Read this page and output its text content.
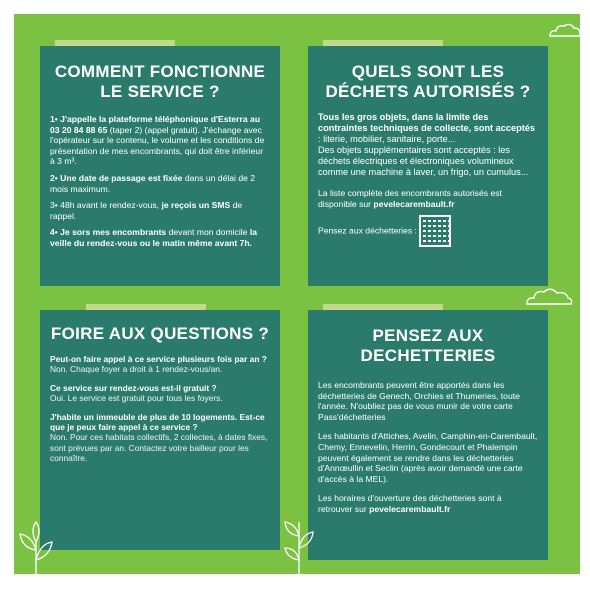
COMMENT FONCTIONNE
LE SERVICE ?

1• J'appelle la plateforme téléphonique d'Esterra au 03 20 84 88 65 (taper 2) (appel gratuit). J'échange avec l'opérateur sur le contenu, le volume et les conditions de présentation de mes encombrants, qui doit être inférieur à 3 m³.

2• Une date de passage est fixée dans un délai de 2 mois maximum.

3• 48h avant le rendez-vous, je reçois un SMS de rappel.

4• Je sors mes encombrants devant mon domicile la veille du rendez-vous ou le matin même avant 7h.

QUELS SONT LES
DÉCHETS AUTORISÉS ?

Tous les gros objets, dans la limite des contraintes techniques de collecte, sont acceptés : literie, mobilier, sanitaire, porte...

Des objets supplémentaires sont acceptés : les déchets électriques et électroniques volumineux comme une machine à laver, un frigo, un cumulus...

La liste complète des encombrants autorisés est disponible sur pevelecarembault.fr

Pensez aux déchetteries :

FOIRE AUX QUESTIONS ?
Peut-on faire appel à ce service plusieurs fois par an ?
Non. Chaque foyer a droit à 1 rendez-vous/an.
Ce service sur rendez-vous est-il gratuit ?
Oui. Le service est gratuit pour tous les foyers.
J'habite un immeuble de plus de 10 logements. Est-ce que je peux faire appel à ce service ?
Non. Pour ces habitats collectifs, 2 collectes, à dates fixes, sont prévues par an. Contactez votre bailleur pour les connaître.
PENSEZ AUX
DECHETTERIES

Les encombrants peuvent être apportés dans les déchetteries de Genech, Orchies et Thumeries, toute l'année. N'oubliez pas de vous munir de votre carte Pass'déchetteries

Les habitants d'Attiches, Avelin, Camphin-en-Carembault, Chemy, Ennevelin, Herrin, Gondecourt et Phalempin peuvent également se rendre dans les déchetteries d'Annœullin et Seclin (après avoir demandé une carte d'accès à la MEL).

Les horaires d'ouverture des déchetteries sont à retrouver sur pevelecarembault.fr
